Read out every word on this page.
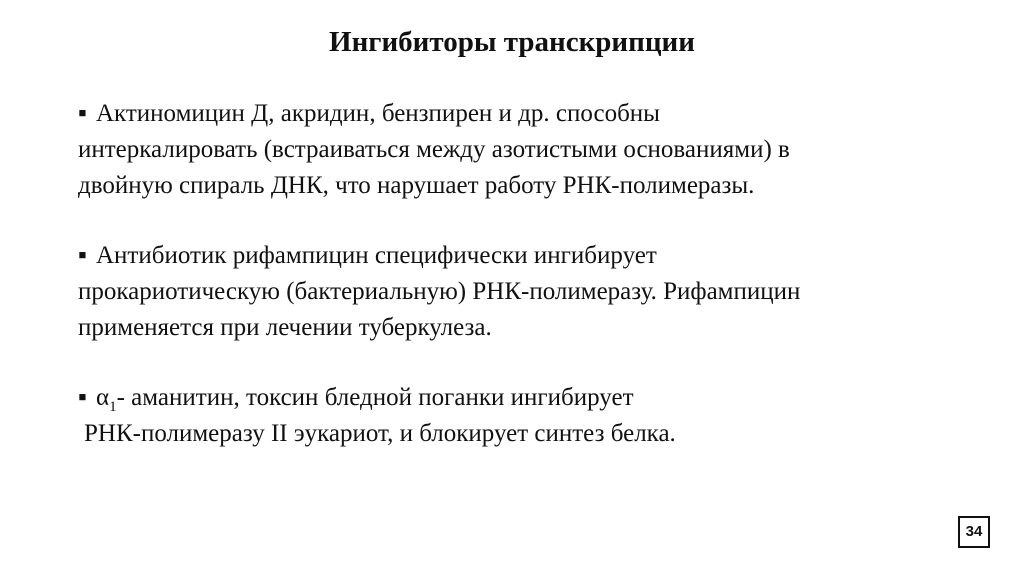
Ингибиторы транскрипции
▪ Актиномицин Д, акридин, бензпирен и др. способны
интеркалировать (встраиваться между азотистыми основаниями) в
двойную спираль ДНК, что нарушает работу РНК-полимеразы.
▪ Антибиотик рифампицин специфически ингибирует
прокариотическую (бактериальную) РНК-полимеразу. Рифампицин
применяется при лечении туберкулеза.
▪ $\alpha_1-$ аманитин, токсин бледной поганки ингибирует
РНК-полимеразу II эукариот, и блокирует синтез белка.
34
